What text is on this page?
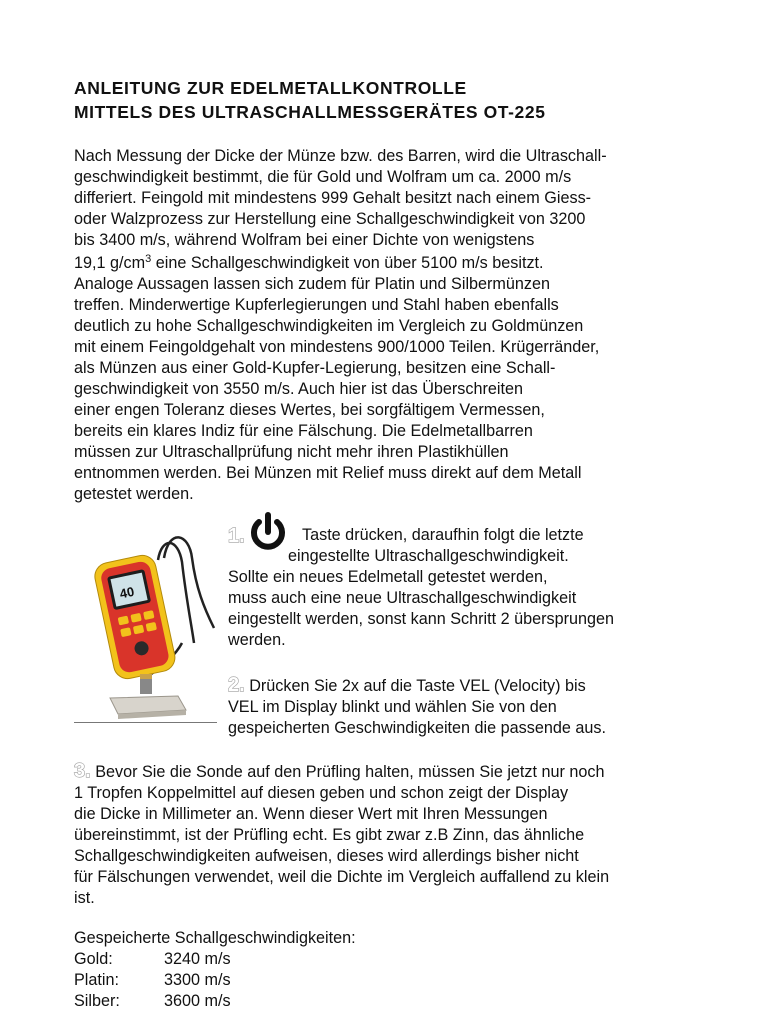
ANLEITUNG ZUR EDELMETALLKONTROLLE
MITTELS DES ULTRASCHALLMESSGERÄTES OT-225
Nach Messung der Dicke der Münze bzw. des Barren, wird die Ultraschall-
geschwindigkeit bestimmt, die für Gold und Wolfram um ca. 2000 m/s
differiert. Feingold mit mindestens 999 Gehalt besitzt nach einem Giess-
oder Walzprozess zur Herstellung eine Schallgeschwindigkeit von 3200
bis 3400 m/s, während Wolfram bei einer Dichte von wenigstens
19,1 $g/cm^3$ eine Schallgeschwindigkeit von über 5100 m/s besitzt.
Analoge Aussagen lassen sich zudem für Platin und Silbermünzen
treffen. Minderwertige Kupferlegierungen und Stahl haben ebenfalls
deutlich zu hohe Schallgeschwindigkeiten im Vergleich zu Goldmünzen
mit einem Feingoldgehalt von mindestens 900/1000 Teilen. Krügerränder,
als Münzen aus einer Gold-Kupfer-Legierung, besitzen eine Schall-
geschwindigkeit von 3550 m/s. Auch hier ist das Überschreiten
einer engen Toleranz dieses Wertes, bei sorgfältigem Vermessen,
bereits ein klares Indiz für eine Fälschung. Die Edelmetallbarren
müssen zur Ultraschallprüfung nicht mehr ihren Plastikhüllen
entnommen werden. Bei Münzen mit Relief muss direkt auf dem Metall
getestet werden.
40
1.	Taste drücken, daraufhin folgt die letzte
eingestellte Ultraschallgeschwindigkeit.
Sollte ein neues Edelmetall getestet werden,
muss auch eine neue Ultraschallgeschwindigkeit
eingestellt werden, sonst kann Schritt 2 übersprungen
werden.
2. Drücken Sie 2x auf die Taste VEL (Velocity) bis
VEL im Display blinkt und wählen Sie von den
gespeicherten Geschwindigkeiten die passende aus.
3. Bevor Sie die Sonde auf den Prüfling halten, müssen Sie jetzt nur noch
1 Tropfen Koppelmittel auf diesen geben und schon zeigt der Display
die Dicke in Millimeter an. Wenn dieser Wert mit Ihren Messungen
übereinstimmt, ist der Prüfling echt. Es gibt zwar z.B Zinn, das ähnliche
Schallgeschwindigkeiten aufweisen, dieses wird allerdings bisher nicht
für Fälschungen verwendet, weil die Dichte im Vergleich auffallend zu klein
ist.
Gespeicherte Schallgeschwindigkeiten:
Gold:	3240 m/s
Platin:	3300 m/s
Silber:	3600 m/s
